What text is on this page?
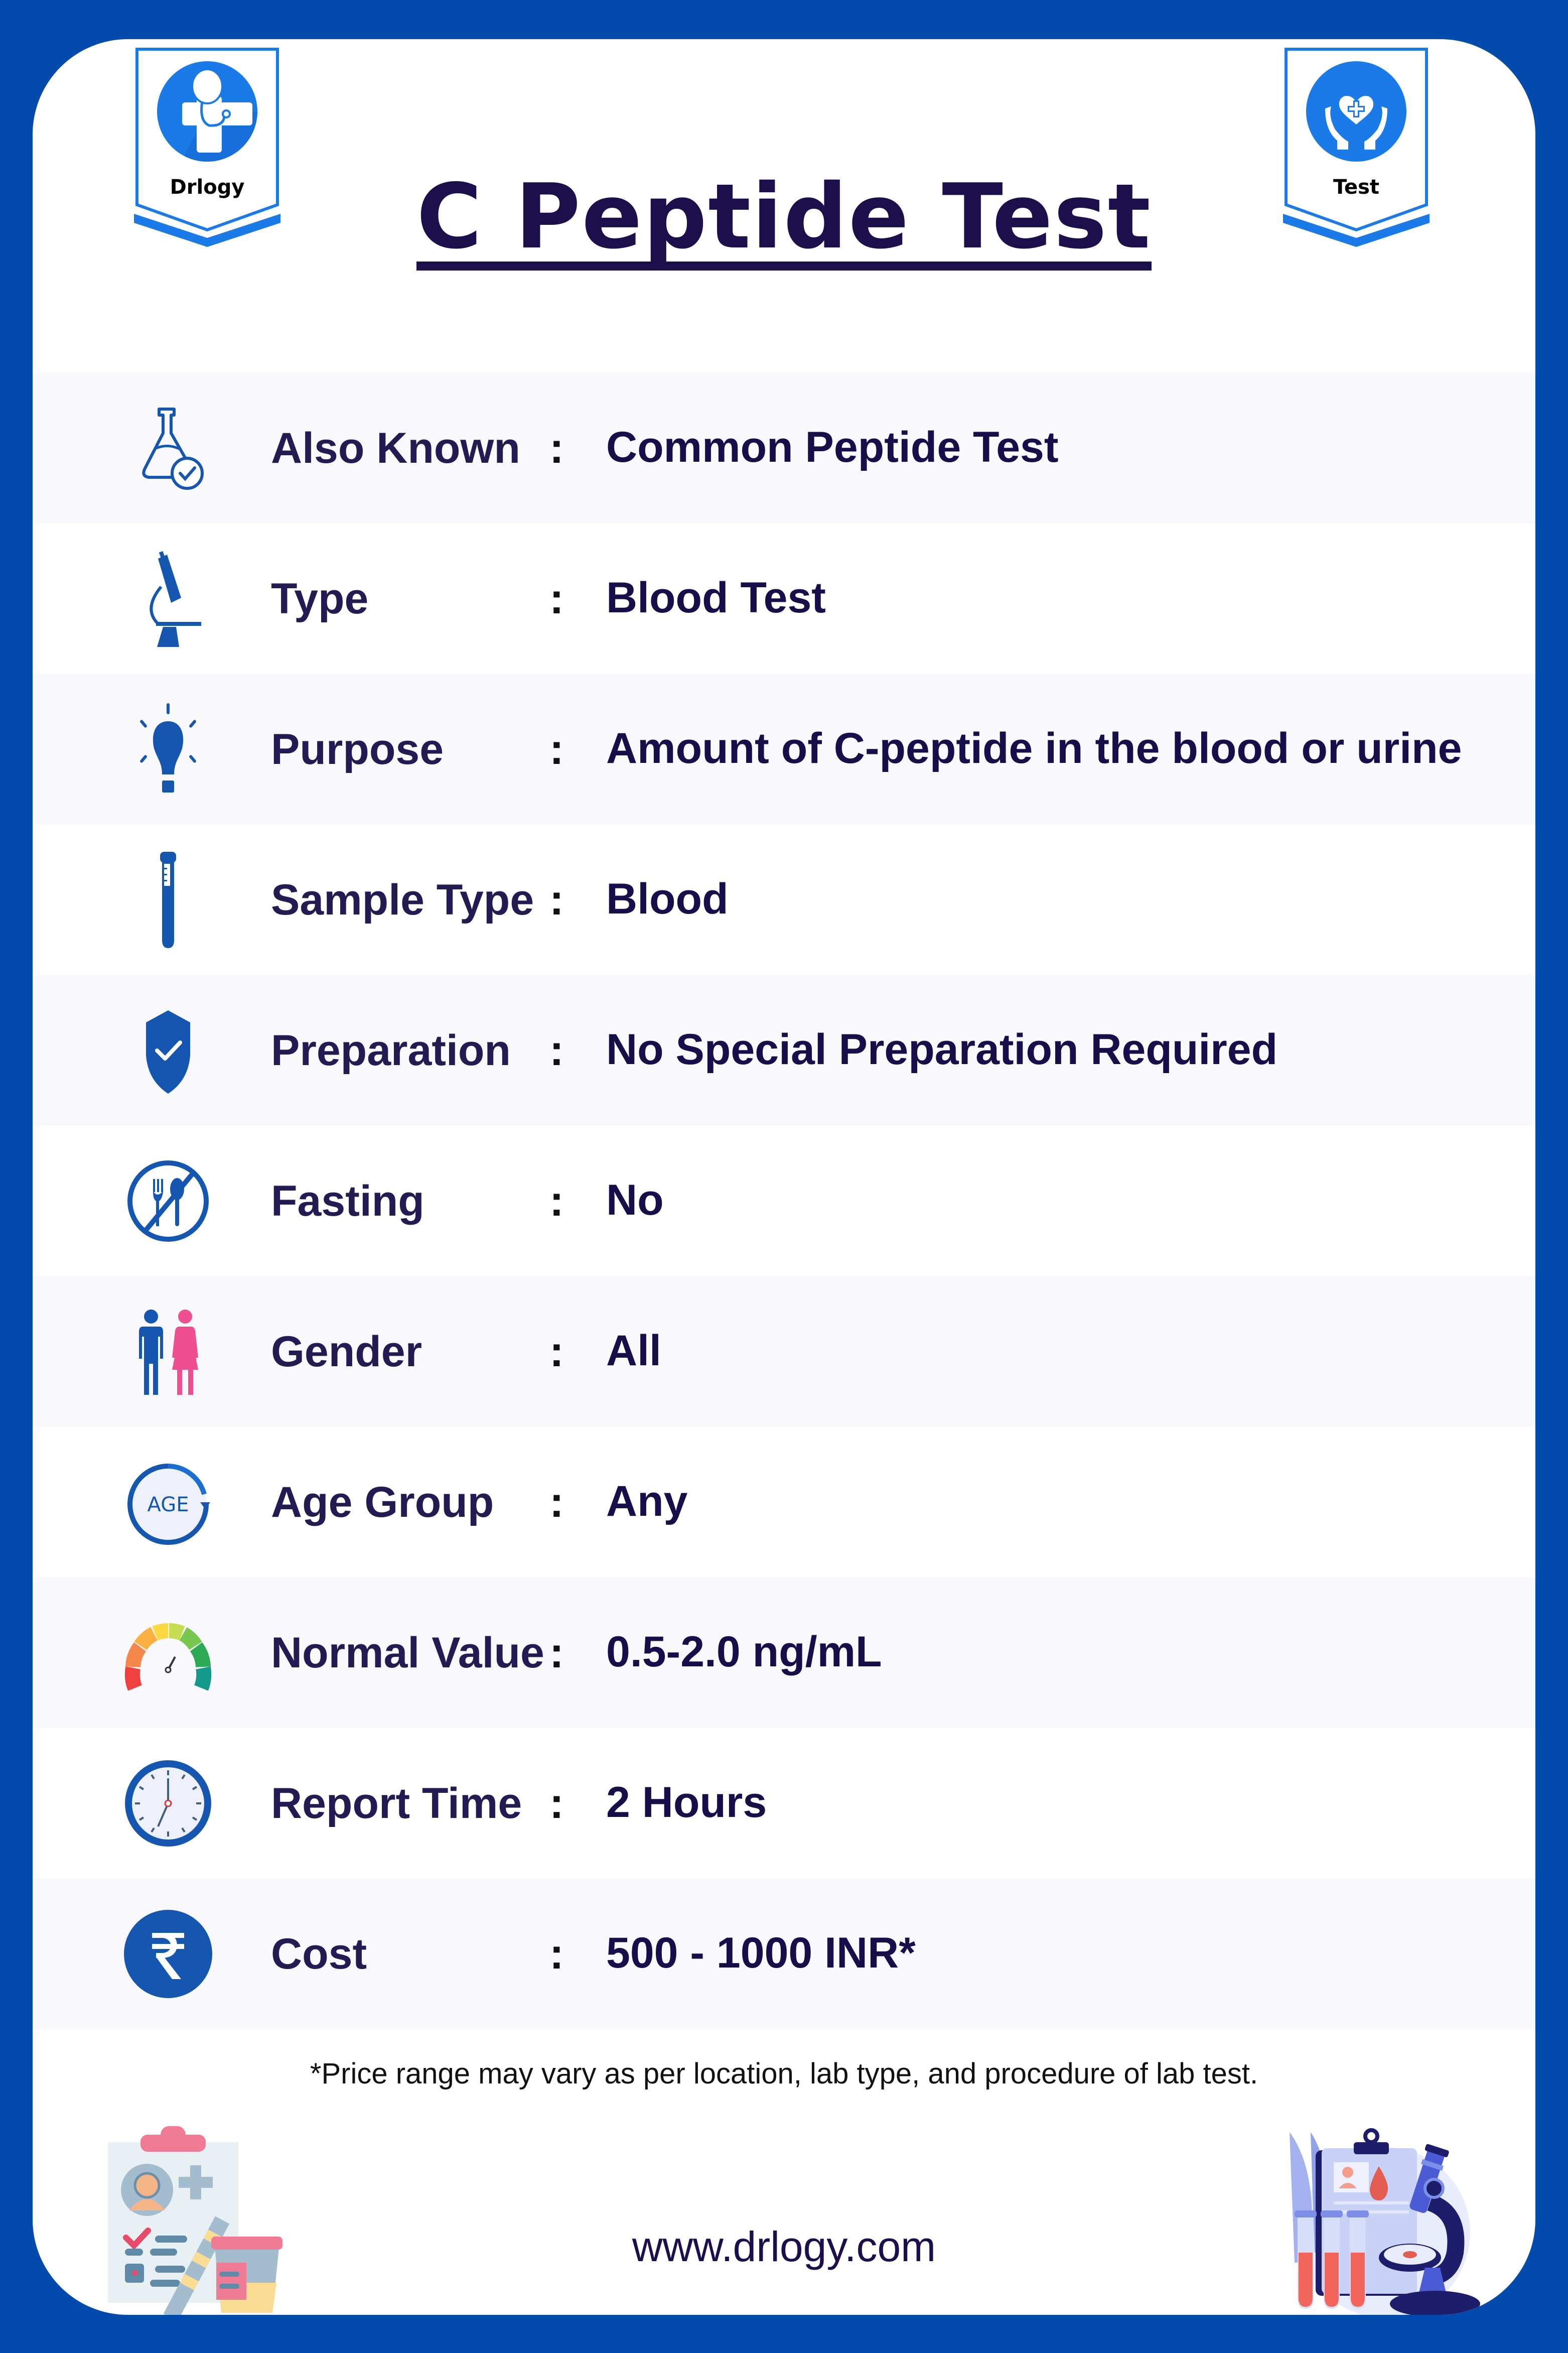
Drlogy	Test
C Peptide Test
Also Known : Common Peptide Test
Type	: Blood Test
Purpose : Amount of C-peptide in the blood or urine
Sample Type : Blood
Preparation : No Special Preparation Required
Fasting	: No
Gender	: All
AGE Age Group : Any
Normal Value : 0.5-2.0 ng/mL
Report Time : 2 Hours
Cost	: 500 - 1000 INR*
*Price range may vary as per location, lab type, and procedure of lab test.
www.drlogy.com
